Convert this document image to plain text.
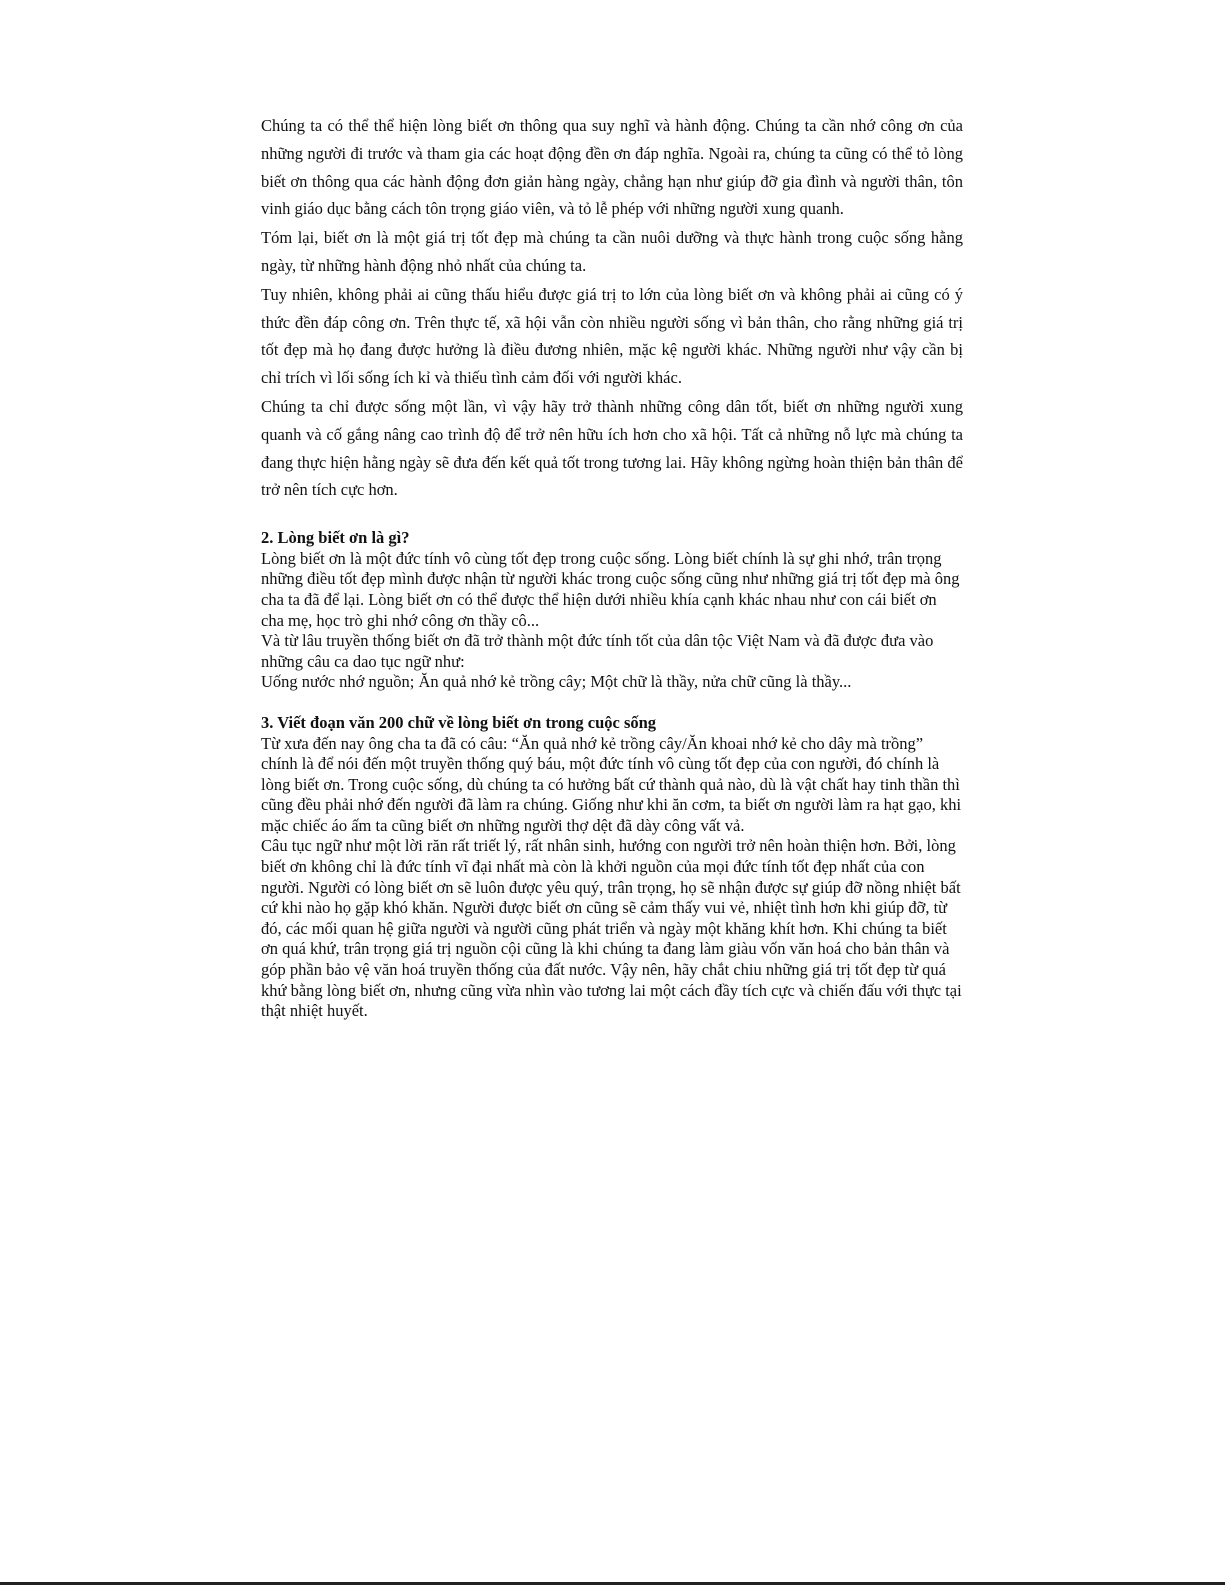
Chúng ta có thể thể hiện lòng biết ơn thông qua suy nghĩ và hành động. Chúng ta cần nhớ công ơn của những người đi trước và tham gia các hoạt động đền ơn đáp nghĩa. Ngoài ra, chúng ta cũng có thể tỏ lòng biết ơn thông qua các hành động đơn giản hàng ngày, chẳng hạn như giúp đỡ gia đình và người thân, tôn vinh giáo dục bằng cách tôn trọng giáo viên, và tỏ lễ phép với những người xung quanh.

Tóm lại, biết ơn là một giá trị tốt đẹp mà chúng ta cần nuôi dưỡng và thực hành trong cuộc sống hằng ngày, từ những hành động nhỏ nhất của chúng ta.

Tuy nhiên, không phải ai cũng thấu hiểu được giá trị to lớn của lòng biết ơn và không phải ai cũng có ý thức đền đáp công ơn. Trên thực tế, xã hội vẫn còn nhiều người sống vì bản thân, cho rằng những giá trị tốt đẹp mà họ đang được hưởng là điều đương nhiên, mặc kệ người khác. Những người như vậy cần bị chỉ trích vì lối sống ích kỉ và thiếu tình cảm đối với người khác.

Chúng ta chỉ được sống một lần, vì vậy hãy trở thành những công dân tốt, biết ơn những người xung quanh và cố gắng nâng cao trình độ để trở nên hữu ích hơn cho xã hội. Tất cả những nỗ lực mà chúng ta đang thực hiện hằng ngày sẽ đưa đến kết quả tốt trong tương lai. Hãy không ngừng hoàn thiện bản thân để trở nên tích cực hơn.

2. Lòng biết ơn là gì?

Lòng biết ơn là một đức tính vô cùng tốt đẹp trong cuộc sống. Lòng biết chính là sự ghi nhớ, trân trọng những điều tốt đẹp mình được nhận từ người khác trong cuộc sống cũng như những giá trị tốt đẹp mà ông cha ta đã để lại. Lòng biết ơn có thể được thể hiện dưới nhiều khía cạnh khác nhau như con cái biết ơn cha mẹ, học trò ghi nhớ công ơn thầy cô...

Và từ lâu truyền thống biết ơn đã trở thành một đức tính tốt của dân tộc Việt Nam và đã được đưa vào những câu ca dao tục ngữ như:

Uống nước nhớ nguồn; Ăn quả nhớ kẻ trồng cây; Một chữ là thầy, nửa chữ cũng là thầy...

3. Viết đoạn văn 200 chữ về lòng biết ơn trong cuộc sống

Từ xưa đến nay ông cha ta đã có câu: “Ăn quả nhớ kẻ trồng cây/Ăn khoai nhớ kẻ cho dây mà trồng” chính là để nói đến một truyền thống quý báu, một đức tính vô cùng tốt đẹp của con người, đó chính là lòng biết ơn. Trong cuộc sống, dù chúng ta có hưởng bất cứ thành quả nào, dù là vật chất hay tinh thần thì cũng đều phải nhớ đến người đã làm ra chúng. Giống như khi ăn cơm, ta biết ơn người làm ra hạt gạo, khi mặc chiếc áo ấm ta cũng biết ơn những người thợ dệt đã dày công vất vả.

Câu tục ngữ như một lời răn rất triết lý, rất nhân sinh, hướng con người trở nên hoàn thiện hơn. Bởi, lòng biết ơn không chỉ là đức tính vĩ đại nhất mà còn là khởi nguồn của mọi đức tính tốt đẹp nhất của con người. Người có lòng biết ơn sẽ luôn được yêu quý, trân trọng, họ sẽ nhận được sự giúp đỡ nồng nhiệt bất cứ khi nào họ gặp khó khăn. Người được biết ơn cũng sẽ cảm thấy vui vẻ, nhiệt tình hơn khi giúp đỡ, từ đó, các mối quan hệ giữa người và người cũng phát triển và ngày một khăng khít hơn. Khi chúng ta biết ơn quá khứ, trân trọng giá trị nguồn cội cũng là khi chúng ta đang làm giàu vốn văn hoá cho bản thân và góp phần bảo vệ văn hoá truyền thống của đất nước. Vậy nên, hãy chắt chiu những giá trị tốt đẹp từ quá khứ bằng lòng biết ơn, nhưng cũng vừa nhìn vào tương lai một cách đầy tích cực và chiến đấu với thực tại thật nhiệt huyết.
